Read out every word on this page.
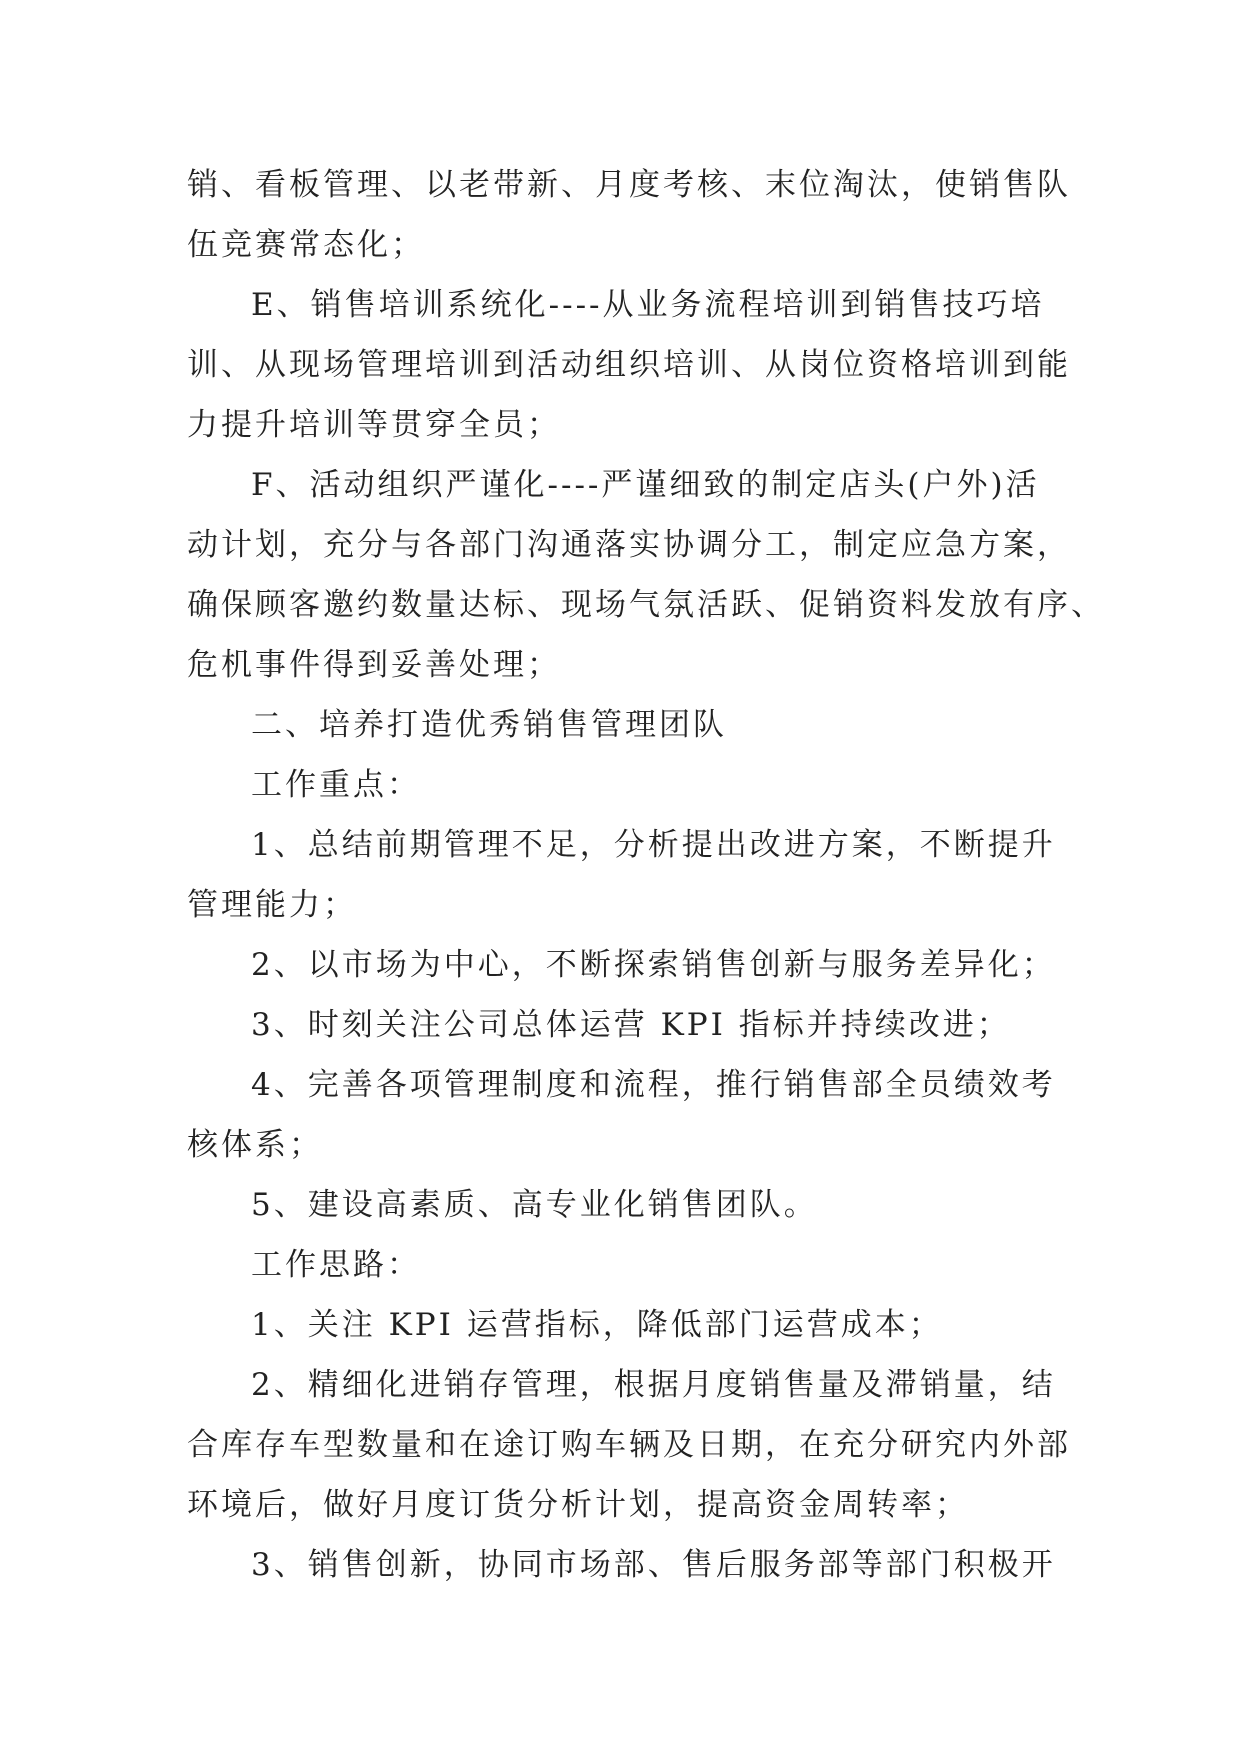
销、看板管理、以老带新、月度考核、末位淘汰，使销售队
伍竞赛常态化；
E、销售培训系统化----从业务流程培训到销售技巧培
训、从现场管理培训到活动组织培训、从岗位资格培训到能
力提升培训等贯穿全员；
F、活动组织严谨化----严谨细致的制定店头(户外)活
动计划，充分与各部门沟通落实协调分工，制定应急方案，
确保顾客邀约数量达标、现场气氛活跃、促销资料发放有序、
危机事件得到妥善处理；
二、培养打造优秀销售管理团队
工作重点：
1、总结前期管理不足，分析提出改进方案，不断提升
管理能力；
2、以市场为中心，不断探索销售创新与服务差异化；
3、时刻关注公司总体运营 KPI 指标并持续改进；
4、完善各项管理制度和流程，推行销售部全员绩效考
核体系；
5、建设高素质、高专业化销售团队。
工作思路：
1、关注 KPI 运营指标，降低部门运营成本；
2、精细化进销存管理，根据月度销售量及滞销量，结
合库存车型数量和在途订购车辆及日期，在充分研究内外部
环境后，做好月度订货分析计划，提高资金周转率；
3、销售创新，协同市场部、售后服务部等部门积极开
